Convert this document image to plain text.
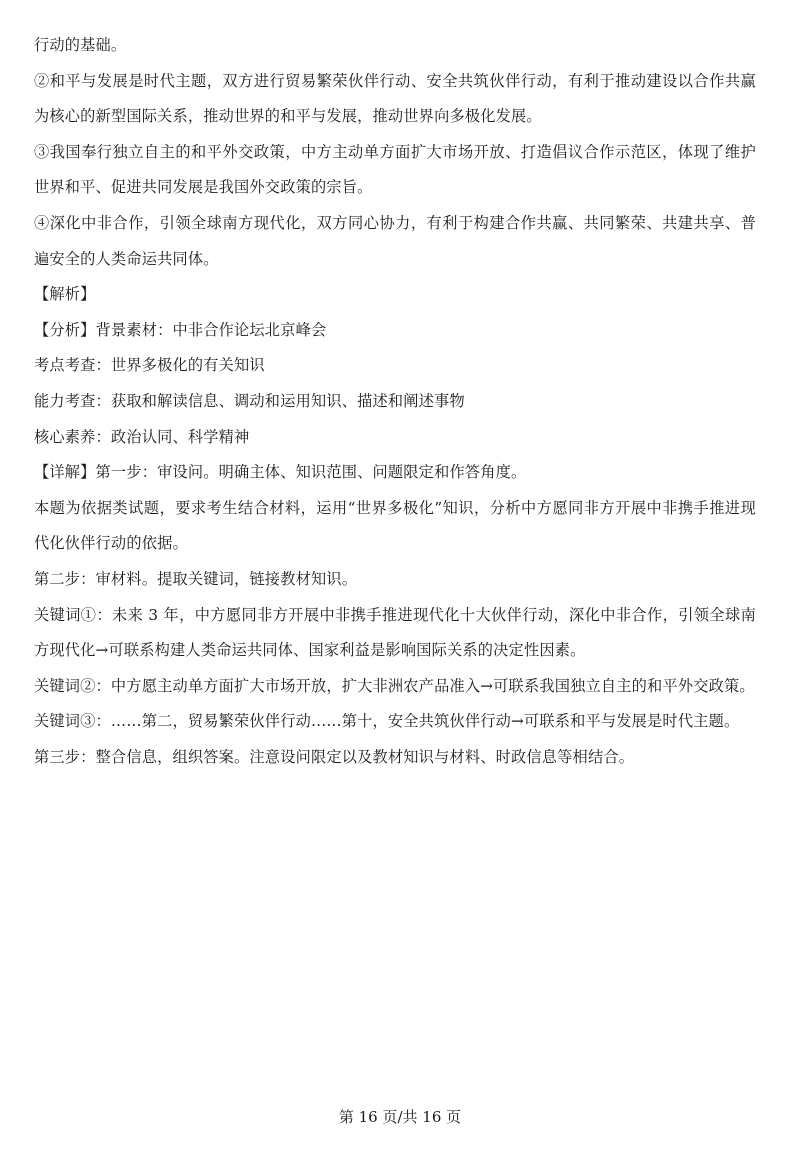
行动的基础。

②和平与发展是时代主题，双方进行贸易繁荣伙伴行动、安全共筑伙伴行动，有利于推动建设以合作共赢为核心的新型国际关系，推动世界的和平与发展，推动世界向多极化发展。

③我国奉行独立自主的和平外交政策，中方主动单方面扩大市场开放、打造倡议合作示范区，体现了维护世界和平、促进共同发展是我国外交政策的宗旨。

④深化中非合作，引领全球南方现代化，双方同心协力，有利于构建合作共赢、共同繁荣、共建共享、普遍安全的人类命运共同体。

【解析】

【分析】背景素材：中非合作论坛北京峰会

考点考查：世界多极化的有关知识

能力考查：获取和解读信息、调动和运用知识、描述和阐述事物

核心素养：政治认同、科学精神

【详解】第一步：审设问。明确主体、知识范围、问题限定和作答角度。

本题为依据类试题，要求考生结合材料，运用“世界多极化”知识，分析中方愿同非方开展中非携手推进现代化伙伴行动的依据。

第二步：审材料。提取关键词，链接教材知识。

关键词①：未来 3 年，中方愿同非方开展中非携手推进现代化十大伙伴行动，深化中非合作，引领全球南方现代化→可联系构建人类命运共同体、国家利益是影响国际关系的决定性因素。

关键词②：中方愿主动单方面扩大市场开放，扩大非洲农产品准入→可联系我国独立自主的和平外交政策。

关键词③：……第二，贸易繁荣伙伴行动……第十，安全共筑伙伴行动→可联系和平与发展是时代主题。

第三步：整合信息，组织答案。注意设问限定以及教材知识与材料、时政信息等相结合。

第 16 页/共 16 页
